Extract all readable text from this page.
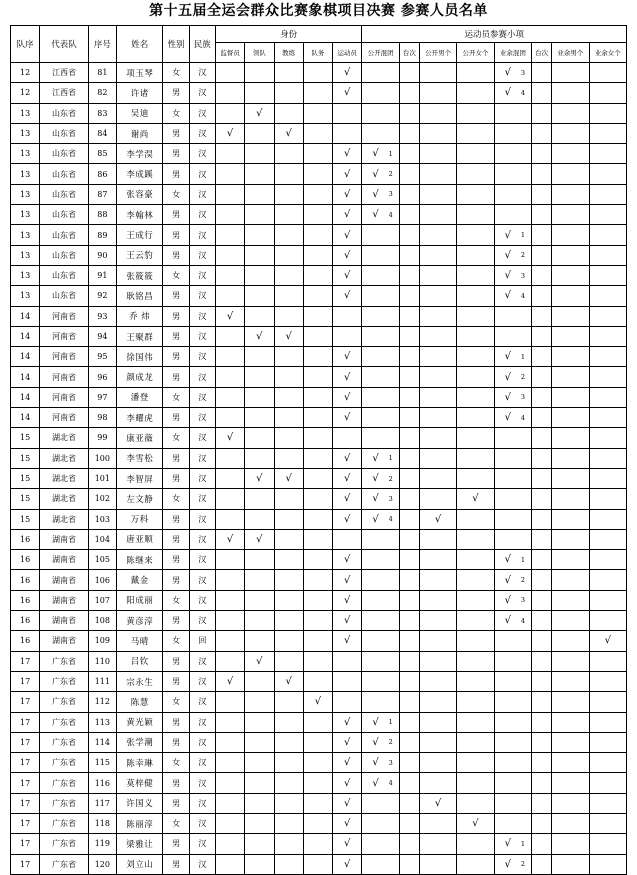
第十五届全运会群众比赛象棋项目决赛 参赛人员名单
队序	代表队	序号	姓名	性别	民族	身份					运动员参赛小项							
						监督员	领队	教练	队务	运动员	公开混团	台次	公开男个	公开女个	业余混团	台次	业余男个	业余女个
12	江西省	81	项玉琴	女	汉					√					√ 3			

12	江西省	82	许诸	男	汉					√					√ 4			

13	山东省	83	吴迪	女	汉		√				

13	山东省	84	谢尚	男	汉	√		√			

13	山东省	85	李学淏	男	汉					√	√ 1							

13	山东省	86	李成蹊	男	汉					√	√ 2							

13	山东省	87	张容豪	女	汉					√	√ 3							

13	山东省	88	李翰林	男	汉					√	√ 4							

13	山东省	89	王成行	男	汉					√					√ 1			

13	山东省	90	王云豹	男	汉					√					√ 2			

13	山东省	91	张筱筱	女	汉					√					√ 3			

13	山东省	92	耿铭昌	男	汉					√					√ 4			

14	河南省	93	乔 炜	男	汉	√					

14	河南省	94	王聚群	男	汉		√	√			

14	河南省	95	徐国伟	男	汉					√					√ 1			

14	河南省	96	颜成龙	男	汉					√					√ 2			

14	河南省	97	潘登	女	汉					√					√ 3			

14	河南省	98	李耀虎	男	汉					√					√ 4			

15	湖北省	99	康亚薇	女	汉	√					

15	湖北省	100	李雪松	男	汉					√	√ 1							

15	湖北省	101	李智屏	男	汉		√	√		√	√ 2							

15	湖北省	102	左文静	女	汉					√	√ 3			√	

15	湖北省	103	万科	男	汉					√	√ 4		√		

16	湖南省	104	唐亚顺	男	汉	√	√				

16	湖南省	105	陈继来	男	汉					√					√ 1			

16	湖南省	106	戴金	男	汉					√					√ 2			

16	湖南省	107	阳成丽	女	汉					√					√ 3			

16	湖南省	108	黄彦淳	男	汉					√					√ 4			

16	湖南省	109	马晴	女	回					√								√
17	广东省	110	吕钦	男	汉		√				

17	广东省	111	宗永生	男	汉	√		√			

17	广东省	112	陈慧	女	汉				√		

17	广东省	113	黄光颖	男	汉					√	√ 1							

17	广东省	114	张学潮	男	汉					√	√ 2							

17	广东省	115	陈幸琳	女	汉					√	√ 3							

17	广东省	116	莫梓健	男	汉					√	√ 4							

17	广东省	117	许国义	男	汉					√			√		

17	广东省	118	陈丽淳	女	汉					√				√	

17	广东省	119	梁雅让	男	汉					√					√ 1			

17	广东省	120	刘立山	男	汉					√					√ 2			
